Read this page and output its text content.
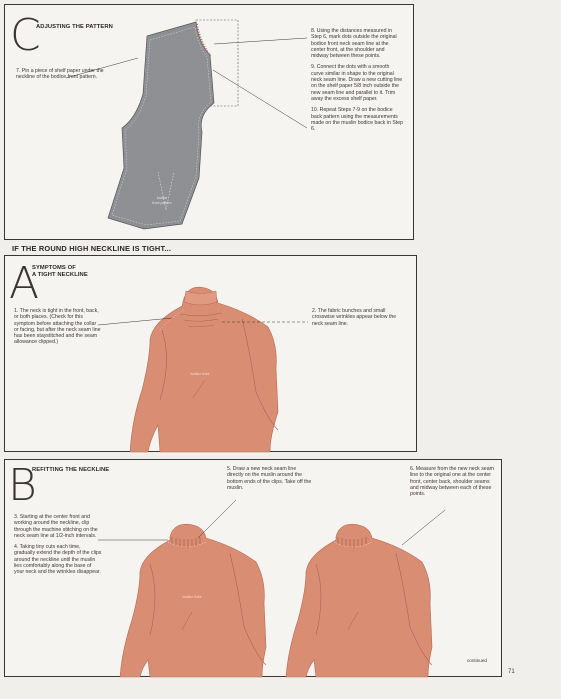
C
ADJUSTING THE PATTERN
7. Pin a piece of shelf paper under the neckline of the bodice front pattern.
bodice
front pattern

8. Using the distances measured in Step 6, mark dots outside the original bodice front neck seam line at the center front, at the shoulder and midway between these points.

9. Connect the dots with a smooth curve similar in shape to the original neck seam line. Draw a new cutting line on the shelf paper 5/8 inch outside the new seam line and parallel to it. Trim away the excess shelf paper.

10. Repeat Steps 7-9 on the bodice back pattern using the measurements made on the muslin bodice back in Step 6.

IF THE ROUND HIGH NECKLINE IS TIGHT...
A
SYMPTOMS OF
A TIGHT NECKLINE
1. The neck is tight in the front, back, or both places. (Check for this symptom before attaching the collar or facing, but after the neck seam line has been staystitched and the seam allowance clipped.)
2. The fabric bunches and small crosswise wrinkles appear below the neck seam line.
bodice front
B
REFITTING THE NECKLINE

3. Starting at the center front and working around the neckline, clip through the machine stitching on the neck seam line at 1/2-inch intervals.

4. Taking tiny cuts each time, gradually extend the depth of the clips around the neckline until the muslin lies comfortably along the base of your neck and the wrinkles disappear.

5. Draw a new neck seam line directly on the muslin around the bottom ends of the clips. Take off the muslin.
6. Measure from the new neck seam line to the original one at the center front, center back, shoulder seams and midway between each of these points.
bodice front
continued
71
